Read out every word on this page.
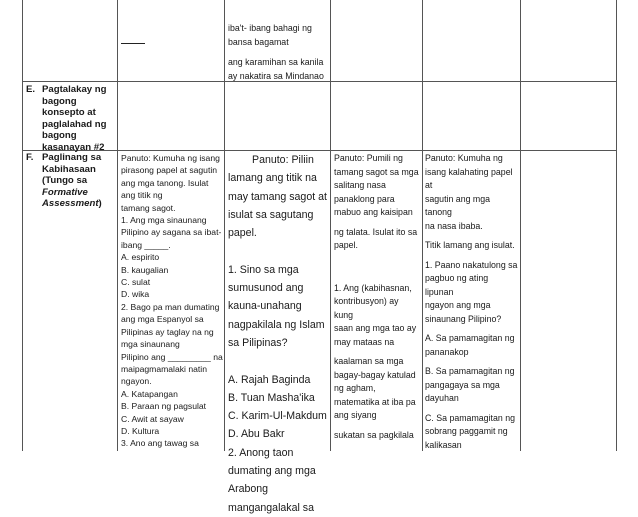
iba't- ibang bahagi ng

bansa bagamat

ang karamihan sa kanila

ay nakatira sa Mindanao

E. Pagtalakay ng
bagong
konsepto at
paglalahad ng
bagong
kasanayan #2
F. Paglinang sa
Kabihasaan
(Tungo sa
Formative
Assessment)

Panuto: Kumuha ng isang

pirasong papel at sagutin

ang mga tanong. Isulat

ang titik ng

tamang sagot.

1. Ang mga sinaunang

Pilipino ay sagana sa ibat-

ibang _____.

A. espirito

B. kaugalian

C. sulat

D. wika

2. Bago pa man dumating

ang mga Espanyol sa

Pilipinas ay taglay na ng

mga sinaunang

Pilipino ang _________ na

maipagmamalaki natin

ngayon.

A. Katapangan

B. Paraan ng pagsulat

C. Awit at sayaw

D. Kultura

3. Ano ang tawag sa

Panuto: Piliin

lamang ang titik na

may tamang sagot at

isulat sa sagutang

papel.

1. Sino sa mga

sumusunod ang

kauna-unahang

nagpakilala ng Islam

sa Pilipinas?

A. Rajah Baginda

B. Tuan Masha'ika

C. Karim-Ul-Makdum

D. Abu Bakr

2. Anong taon

dumating ang mga

Arabong

mangangalakal sa

Panuto: Pumili ng

tamang sagot sa mga

salitang nasa

panaklong para

mabuo ang kaisipan

ng talata. Isulat ito sa

papel.

1. Ang (kabihasnan,

kontribusyon) ay kung

saan ang mga tao ay

may mataas na

kaalaman sa mga

bagay-bagay katulad

ng agham,

matematika at iba pa

ang siyang

sukatan sa pagkilala

Panuto: Kumuha ng

isang kalahating papel at

sagutin ang mga tanong

na nasa ibaba.

Titik lamang ang isulat.

1. Paano nakatulong sa

pagbuo ng ating lipunan

ngayon ang mga

sinaunang Pilipino?

A. Sa pamamagitan ng

pananakop

B. Sa pamamagitan ng

pangagaya sa mga

dayuhan

C. Sa pamamagitan ng

sobrang paggamit ng

kalikasan
